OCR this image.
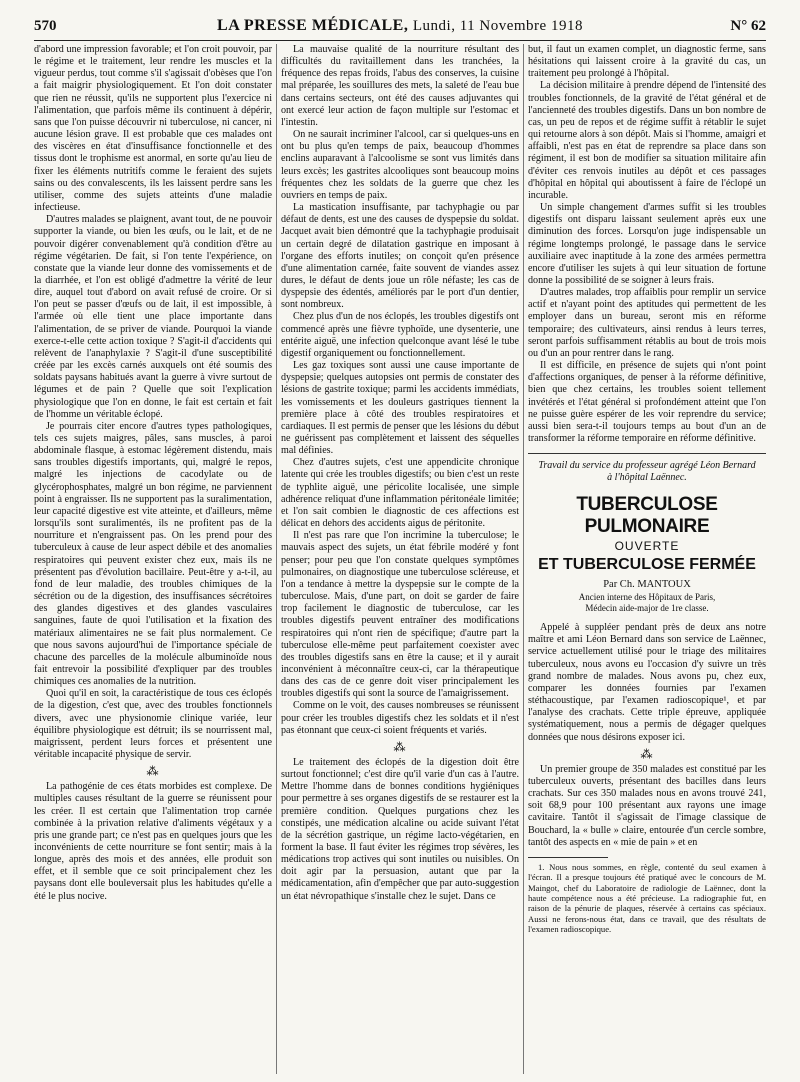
570	LA PRESSE MÉDICALE, Lundi, 11 Novembre 1918	N° 62

d'abord une impression favorable; et l'on croit pouvoir, par le régime et le traitement, leur rendre les muscles et la vigueur perdus, tout comme s'il s'agissait d'obèses que l'on a fait maigrir physiologiquement. Et l'on doit constater que rien ne réussit, qu'ils ne supportent plus l'exercice ni l'alimentation, que parfois même ils continuent à dépérir, sans que l'on puisse découvrir ni tuberculose, ni cancer, ni aucune lésion grave. Il est probable que ces malades ont des viscères en état d'insuffisance fonctionnelle et des tissus dont le trophisme est anormal, en sorte qu'au lieu de fixer les éléments nutritifs comme le feraient des sujets sains ou des convalescents, ils les laissent perdre sans les utiliser, comme des sujets atteints d'une maladie infectieuse.

D'autres malades se plaignent, avant tout, de ne pouvoir supporter la viande, ou bien les œufs, ou le lait, et de ne pouvoir digérer convenablement qu'à condition d'être au régime végétarien. De fait, si l'on tente l'expérience, on constate que la viande leur donne des vomissements et de la diarrhée, et l'on est obligé d'admettre la vérité de leur dire, auquel tout d'abord on avait refusé de croire. Or si l'on peut se passer d'œufs ou de lait, il est impossible, à l'armée où elle tient une place importante dans l'alimentation, de se priver de viande. Pourquoi la viande exerce-t-elle cette action toxique ? S'agit-il d'accidents qui relèvent de l'anaphylaxie ? S'agit-il d'une susceptibilité créée par les excès carnés auxquels ont été soumis des soldats paysans habitués avant la guerre à vivre surtout de légumes et de pain ? Quelle que soit l'explication physiologique que l'on en donne, le fait est certain et fait de l'homme un véritable éclopé.

Je pourrais citer encore d'autres types pathologiques, tels ces sujets maigres, pâles, sans muscles, à paroi abdominale flasque, à estomac légèrement distendu, mais sans troubles digestifs importants, qui, malgré le repos, malgré les injections de cacodylate ou de glycérophosphates, malgré un bon régime, ne parviennent point à engraisser. Ils ne supportent pas la suralimentation, leur capacité digestive est vite atteinte, et d'ailleurs, même lorsqu'ils sont suralimentés, ils ne profitent pas de la nourriture et n'engraissent pas. On les prend pour des tuberculeux à cause de leur aspect débile et des anomalies respiratoires qui peuvent exister chez eux, mais ils ne présentent pas d'évolution bacillaire. Peut-être y a-t-il, au fond de leur maladie, des troubles chimiques de la sécrétion ou de la digestion, des insuffisances sécrétoires des glandes digestives et des glandes vasculaires sanguines, faute de quoi l'utilisation et la fixation des matériaux alimentaires ne se fait plus normalement. Ce que nous savons aujourd'hui de l'importance spéciale de chacune des parcelles de la molécule albuminoïde nous fait entrevoir la possibilité d'expliquer par des troubles chimiques ces anomalies de la nutrition.

Quoi qu'il en soit, la caractéristique de tous ces éclopés de la digestion, c'est que, avec des troubles fonctionnels divers, avec une physionomie clinique variée, leur équilibre physiologique est détruit; ils se nourrissent mal, maigrissent, perdent leurs forces et présentent une véritable incapacité physique de servir.

⁂

La pathogénie de ces états morbides est complexe. De multiples causes résultant de la guerre se réunissent pour les créer. Il est certain que l'alimentation trop carnée combinée à la privation relative d'aliments végétaux y a pris une grande part; ce n'est pas en quelques jours que les inconvénients de cette nourriture se font sentir; mais à la longue, après des mois et des années, elle produit son effet, et il semble que ce soit principalement chez les paysans dont elle bouleversait plus les habitudes qu'elle a été le plus nocive.

La mauvaise qualité de la nourriture résultant des difficultés du ravitaillement dans les tranchées, la fréquence des repas froids, l'abus des conserves, la cuisine mal préparée, les souillures des mets, la saleté de l'eau bue dans certains secteurs, ont été des causes adjuvantes qui ont exercé leur action de façon multiple sur l'estomac et l'intestin.

On ne saurait incriminer l'alcool, car si quelques-uns en ont bu plus qu'en temps de paix, beaucoup d'hommes enclins auparavant à l'alcoolisme se sont vus limités dans leurs excès; les gastrites alcooliques sont beaucoup moins fréquentes chez les soldats de la guerre que chez les ouvriers en temps de paix.

La mastication insuffisante, par tachyphagie ou par défaut de dents, est une des causes de dyspepsie du soldat. Jacquet avait bien démontré que la tachyphagie produisait un certain degré de dilatation gastrique en imposant à l'organe des efforts inutiles; on conçoit qu'en présence d'une alimentation carnée, faite souvent de viandes assez dures, le défaut de dents joue un rôle néfaste; les cas de dyspepsie des édentés, améliorés par le port d'un dentier, sont nombreux.

Chez plus d'un de nos éclopés, les troubles digestifs ont commencé après une fièvre typhoïde, une dysenterie, une entérite aiguë, une infection quelconque avant lésé le tube digestif organiquement ou fonctionnellement.

Les gaz toxiques sont aussi une cause importante de dyspepsie; quelques autopsies ont permis de constater des lésions de gastrite toxique; parmi les accidents immédiats, les vomissements et les douleurs gastriques tiennent la première place à côté des troubles respiratoires et cardiaques. Il est permis de penser que les lésions du début ne guérissent pas complètement et laissent des séquelles mal définies.

Chez d'autres sujets, c'est une appendicite chronique latente qui crée les troubles digestifs; ou bien c'est un reste de typhlite aiguë, une péricolite localisée, une simple adhérence reliquat d'une inflammation péritonéale limitée; et l'on sait combien le diagnostic de ces affections est délicat en dehors des accidents aigus de péritonite.

Il n'est pas rare que l'on incrimine la tuberculose; le mauvais aspect des sujets, un état fébrile modéré y font penser; pour peu que l'on constate quelques symptômes pulmonaires, on diagnostique une tuberculose scléreuse, et l'on a tendance à mettre la dyspepsie sur le compte de la tuberculose. Mais, d'une part, on doit se garder de faire trop facilement le diagnostic de tuberculose, car les troubles digestifs peuvent entraîner des modifications respiratoires qui n'ont rien de spécifique; d'autre part la tuberculose elle-même peut parfaitement coexister avec des troubles digestifs sans en être la cause; et il y aurait inconvénient à méconnaître ceux-ci, car la thérapeutique dans des cas de ce genre doit viser principalement les troubles digestifs qui sont la source de l'amaigrissement.

Comme on le voit, des causes nombreuses se réunissent pour créer les troubles digestifs chez les soldats et il n'est pas étonnant que ceux-ci soient fréquents et variés.

⁂

Le traitement des éclopés de la digestion doit être surtout fonctionnel; c'est dire qu'il varie d'un cas à l'autre. Mettre l'homme dans de bonnes conditions hygiéniques pour permettre à ses organes digestifs de se restaurer est la première condition. Quelques purgations chez les constipés, une médication alcaline ou acide suivant l'état de la sécrétion gastrique, un régime lacto-végétarien, en forment la base. Il faut éviter les régimes trop sévères, les médications trop actives qui sont inutiles ou nuisibles. On doit agir par la persuasion, autant que par la médicamentation, afin d'empêcher que par auto-suggestion un état névropathique s'installe chez le sujet. Dans ce

but, il faut un examen complet, un diagnostic ferme, sans hésitations qui laissent croire à la gravité du cas, un traitement peu prolongé à l'hôpital.

La décision militaire à prendre dépend de l'intensité des troubles fonctionnels, de la gravité de l'état général et de l'ancienneté des troubles digestifs. Dans un bon nombre de cas, un peu de repos et de régime suffit à rétablir le sujet qui retourne alors à son dépôt. Mais si l'homme, amaigri et affaibli, n'est pas en état de reprendre sa place dans son régiment, il est bon de modifier sa situation militaire afin d'éviter ces renvois inutiles au dépôt et ces passages d'hôpital en hôpital qui aboutissent à faire de l'éclopé un incurable.

Un simple changement d'armes suffit si les troubles digestifs ont disparu laissant seulement après eux une diminution des forces. Lorsqu'on juge indispensable un régime longtemps prolongé, le passage dans le service auxiliaire avec inaptitude à la zone des armées permettra encore d'utiliser les sujets à qui leur situation de fortune donne la possibilité de se soigner à leurs frais.

D'autres malades, trop affaiblis pour remplir un service actif et n'ayant point des aptitudes qui permettent de les employer dans un bureau, seront mis en réforme temporaire; des cultivateurs, ainsi rendus à leurs terres, seront parfois suffisamment rétablis au bout de trois mois ou d'un an pour rentrer dans le rang.

Il est difficile, en présence de sujets qui n'ont point d'affections organiques, de penser à la réforme définitive, bien que chez certains, les troubles soient tellement invétérés et l'état général si profondément atteint que l'on ne puisse guère espérer de les voir reprendre du service; aussi bien sera-t-il toujours temps au bout d'un an de transformer la réforme temporaire en réforme définitive.

Travail du service du professeur agrégé Léon Bernard
à l'hôpital Laënnec.
TUBERCULOSE PULMONAIRE
OUVERTE
ET TUBERCULOSE FERMÉE
Par Ch. MANTOUX
Ancien interne des Hôpitaux de Paris,
Médecin aide-major de 1re classe.

Appelé à suppléer pendant près de deux ans notre maître et ami Léon Bernard dans son service de Laënnec, service actuellement utilisé pour le triage des militaires tuberculeux, nous avons eu l'occasion d'y suivre un très grand nombre de malades. Nous avons pu, chez eux, comparer les données fournies par l'examen stéthacoustique, par l'examen radioscopique¹, et par l'analyse des crachats. Cette triple épreuve, appliquée systématiquement, nous a permis de dégager quelques données que nous désirons exposer ici.

⁂

Un premier groupe de 350 malades est constitué par les tuberculeux ouverts, présentant des bacilles dans leurs crachats. Sur ces 350 malades nous en avons trouvé 241, soit 68,9 pour 100 présentant aux rayons une image cavitaire. Tantôt il s'agissait de l'image classique de Bouchard, la « bulle » claire, entourée d'un cercle sombre, tantôt des aspects en « mie de pain » et en

1. Nous nous sommes, en règle, contenté du seul examen à l'écran. Il a presque toujours été pratiqué avec le concours de M. Maingot, chef du Laboratoire de radiologie de Laënnec, dont la haute compétence nous a été précieuse. La radiographie fut, en raison de la pénurie de plaques, réservée à certains cas spéciaux. Aussi ne ferons-nous état, dans ce travail, que des résultats de l'examen radioscopique.
